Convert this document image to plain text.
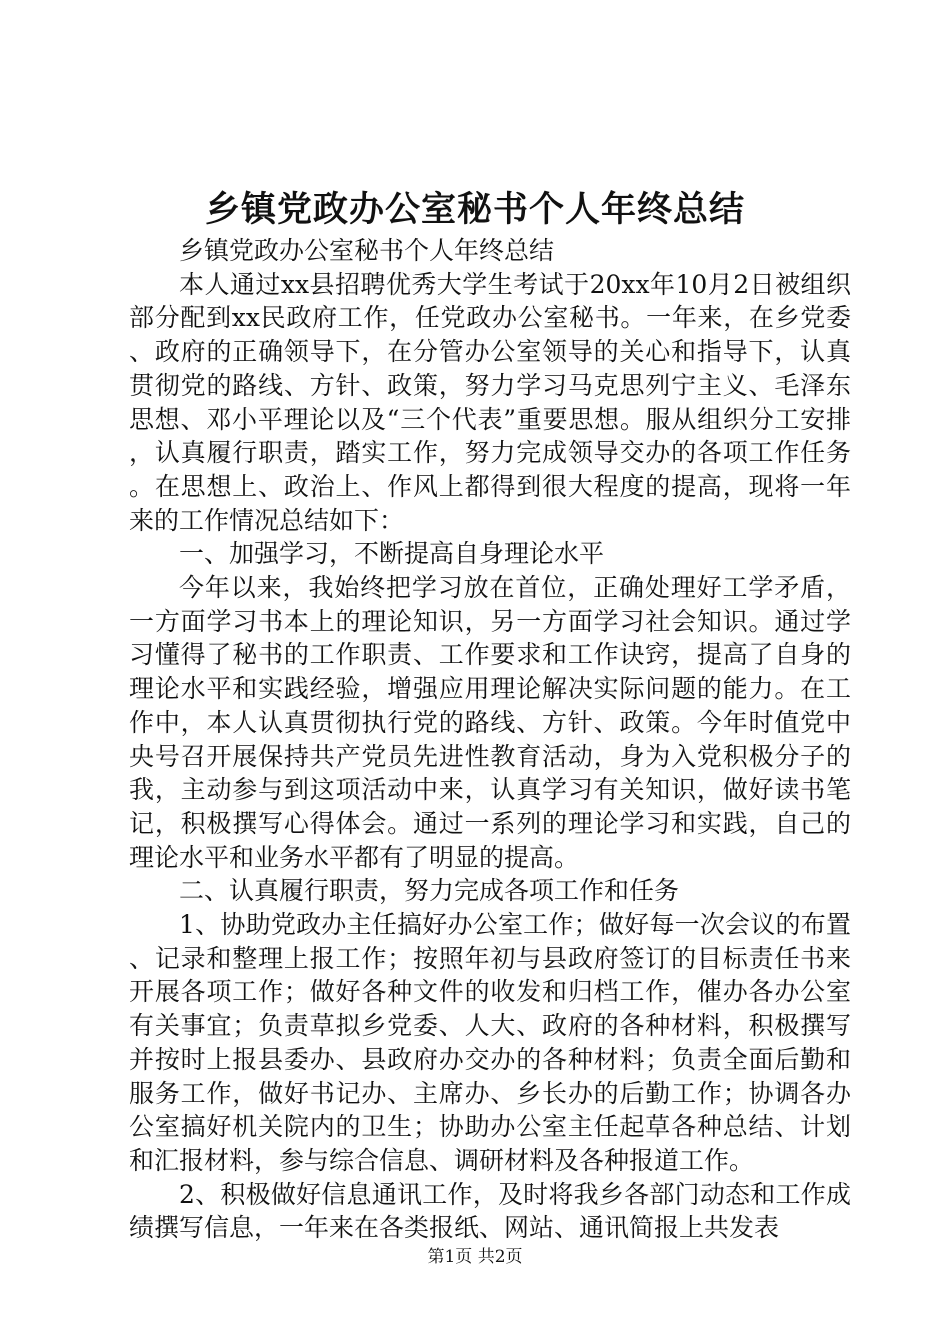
乡镇党政办公室秘书个人年终总结

乡镇党政办公室秘书个人年终总结

本人通过xx县招聘优秀大学生考试于20xx年10月2日被组织部分配到xx民政府工作，任党政办公室秘书。一年来，在乡党委、政府的正确领导下，在分管办公室领导的关心和指导下，认真贯彻党的路线、方针、政策，努力学习马克思列宁主义、毛泽东思想、邓小平理论以及“三个代表”重要思想。服从组织分工安排，认真履行职责，踏实工作，努力完成领导交办的各项工作任务。在思想上、政治上、作风上都得到很大程度的提高，现将一年来的工作情况总结如下：

一、加强学习，不断提高自身理论水平

今年以来，我始终把学习放在首位，正确处理好工学矛盾，一方面学习书本上的理论知识，另一方面学习社会知识。通过学习懂得了秘书的工作职责、工作要求和工作诀窍，提高了自身的理论水平和实践经验，增强应用理论解决实际问题的能力。在工作中，本人认真贯彻执行党的路线、方针、政策。今年时值党中央号召开展保持共产党员先进性教育活动，身为入党积极分子的我，主动参与到这项活动中来，认真学习有关知识，做好读书笔记，积极撰写心得体会。通过一系列的理论学习和实践，自己的理论水平和业务水平都有了明显的提高。

二、认真履行职责，努力完成各项工作和任务

1、协助党政办主任搞好办公室工作；做好每一次会议的布置、记录和整理上报工作；按照年初与县政府签订的目标责任书来开展各项工作；做好各种文件的收发和归档工作，催办各办公室有关事宜；负责草拟乡党委、人大、政府的各种材料，积极撰写并按时上报县委办、县政府办交办的各种材料；负责全面后勤和服务工作，做好书记办、主席办、乡长办的后勤工作；协调各办公室搞好机关院内的卫生；协助办公室主任起草各种总结、计划和汇报材料，参与综合信息、调研材料及各种报道工作。

2、积极做好信息通讯工作，及时将我乡各部门动态和工作成绩撰写信息，一年来在各类报纸、网站、通讯简报上共发表

第1页 共2页
